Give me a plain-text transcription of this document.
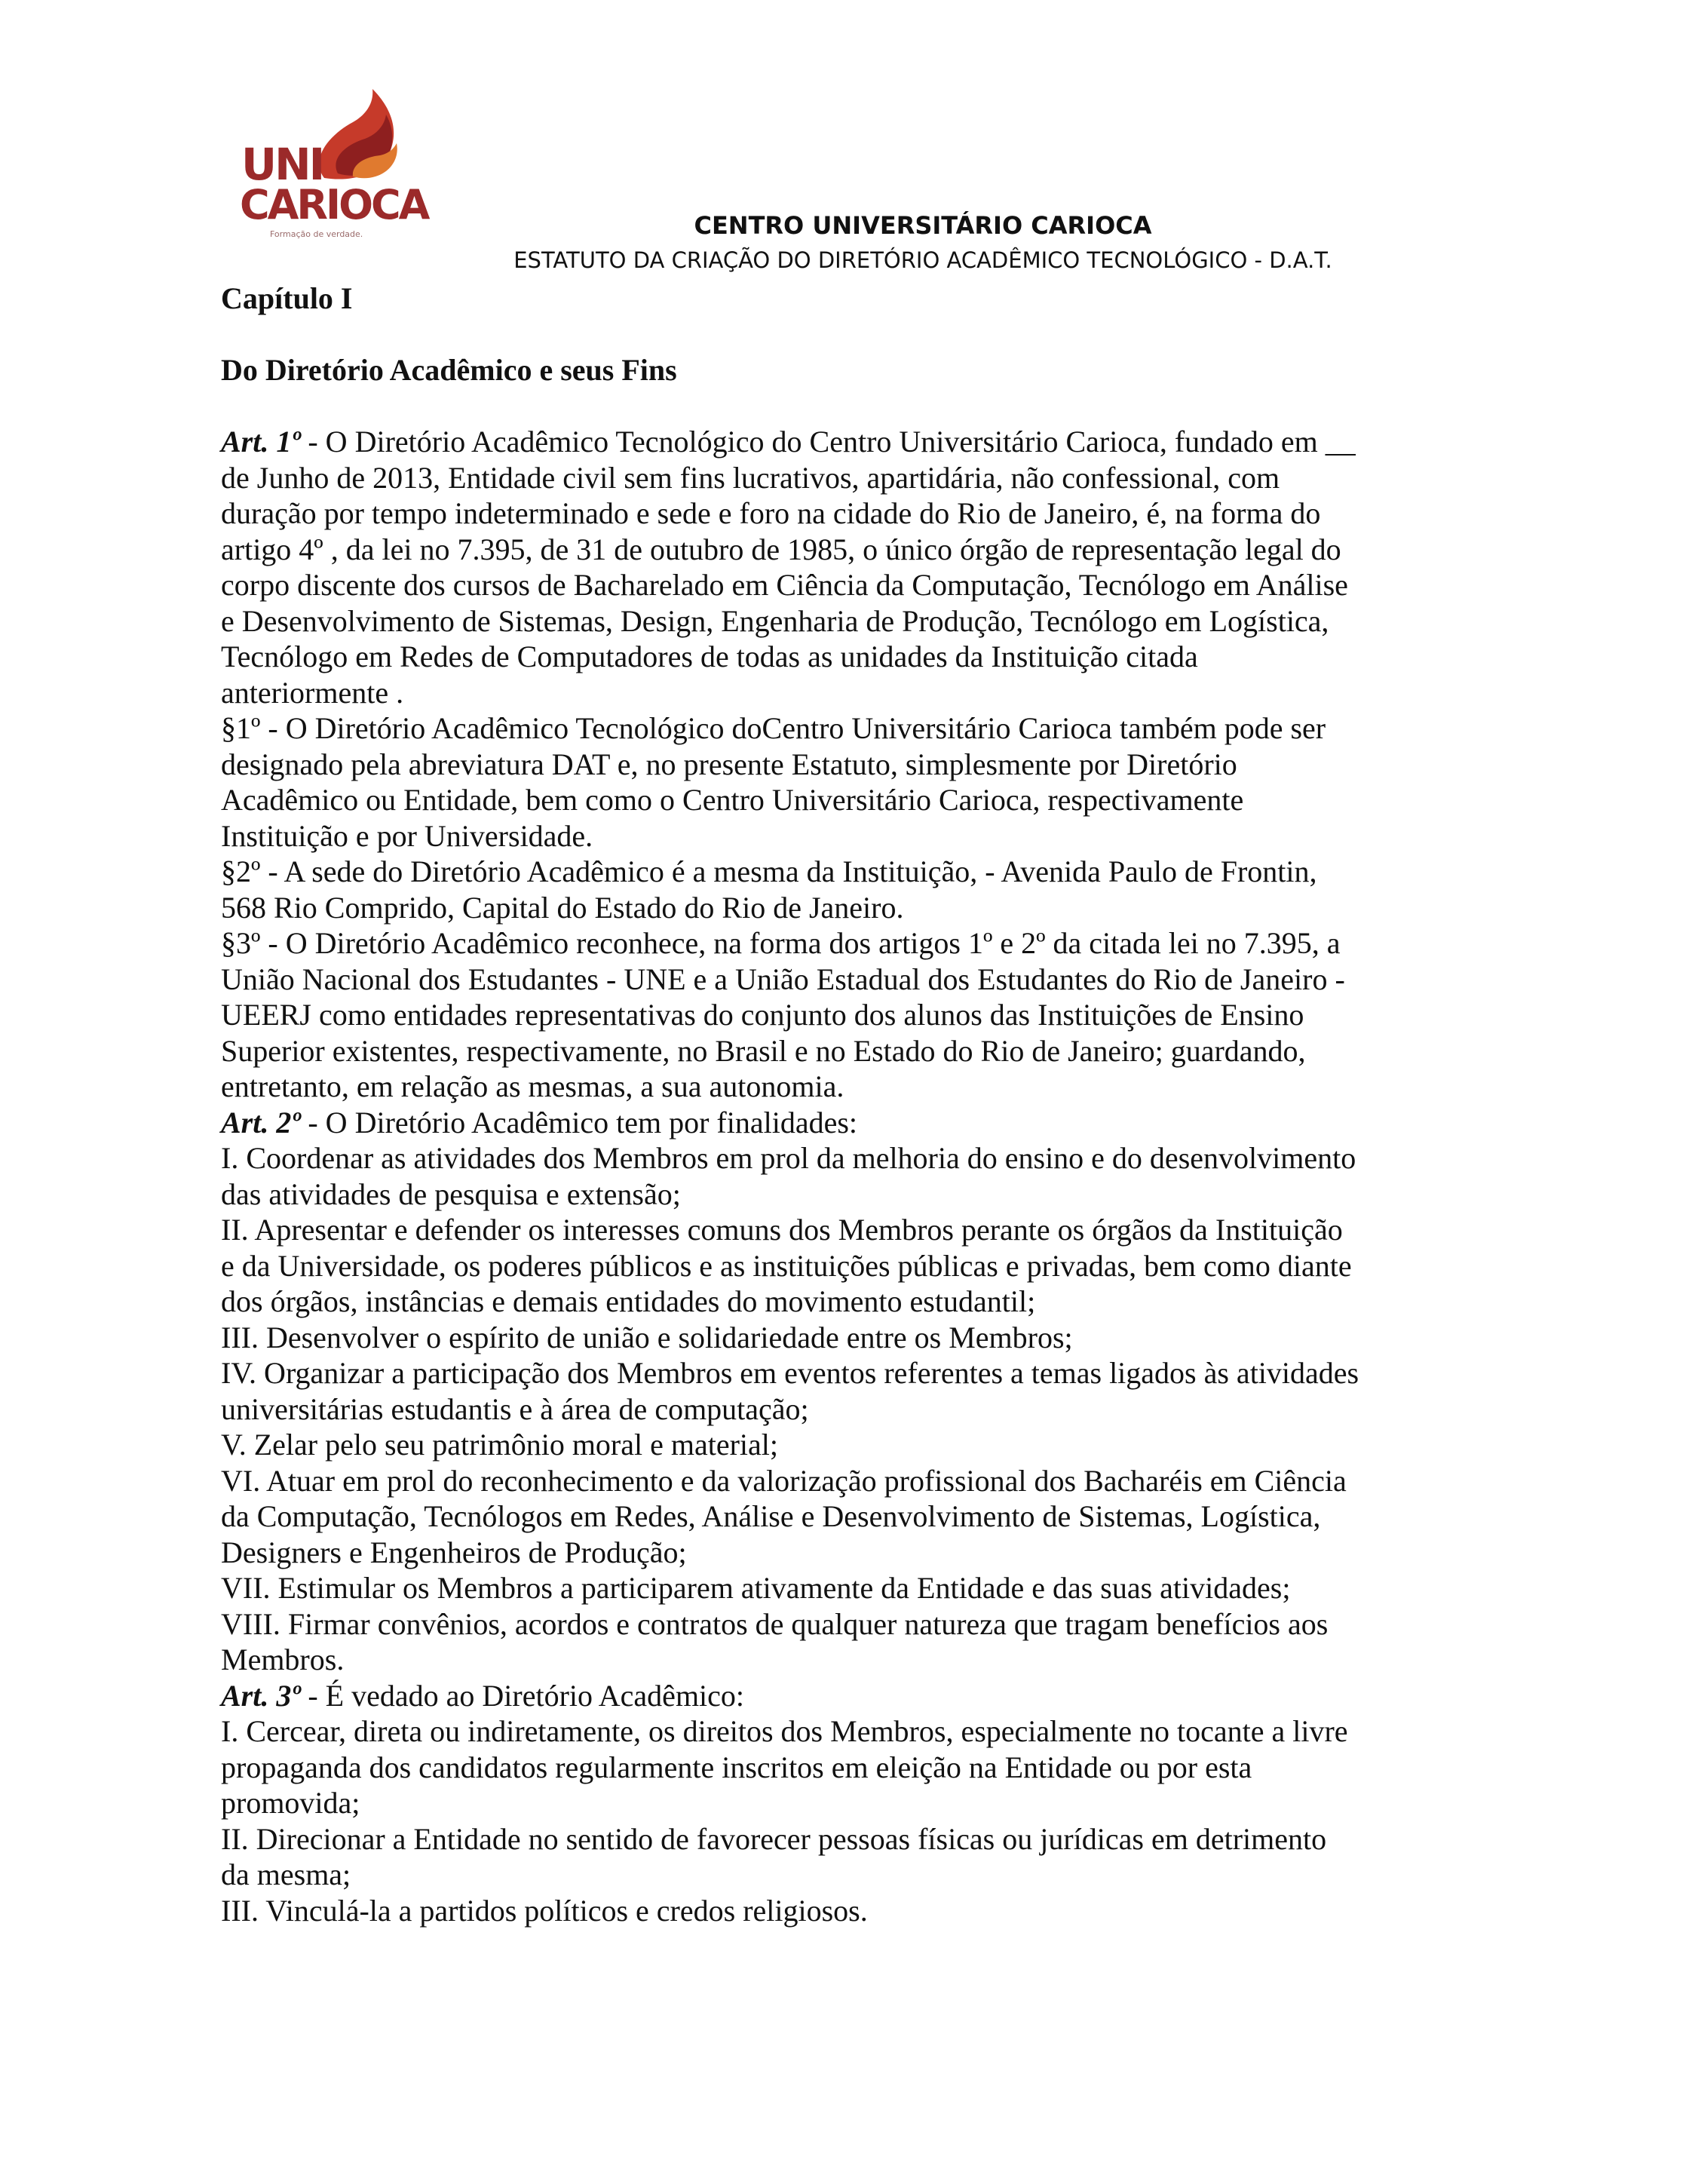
UNI
CARIOCA
Formação de verdade.	CENTRO UNIVERSITÁRIO CARIOCA
ESTATUTO DA CRIAÇÃO DO DIRETÓRIO ACADÊMICO TECNOLÓGICO - D.A.T.

Capítulo I

Do Diretório Acadêmico e seus Fins

Art. 1º - O Diretório Acadêmico Tecnológico do Centro Universitário Carioca, fundado em __ de Junho de 2013, Entidade civil sem fins lucrativos, apartidária, não confessional, com duração por tempo indeterminado e sede e foro na cidade do Rio de Janeiro, é, na forma do artigo 4º , da lei no 7.395, de 31 de outubro de 1985, o único órgão de representação legal do corpo discente dos cursos de Bacharelado em Ciência da Computação, Tecnólogo em Análise e Desenvolvimento de Sistemas, Design, Engenharia de Produção, Tecnólogo em Logística, Tecnólogo em Redes de Computadores de todas as unidades da Instituição citada anteriormente .

§1º - O Diretório Acadêmico Tecnológico doCentro Universitário Carioca também pode ser designado pela abreviatura DAT e, no presente Estatuto, simplesmente por Diretório Acadêmico ou Entidade, bem como o Centro Universitário Carioca, respectivamente Instituição e por Universidade.

§2º - A sede do Diretório Acadêmico é a mesma da Instituição, - Avenida Paulo de Frontin, 568 Rio Comprido, Capital do Estado do Rio de Janeiro.

§3º - O Diretório Acadêmico reconhece, na forma dos artigos 1º e 2º da citada lei no 7.395, a União Nacional dos Estudantes - UNE e a União Estadual dos Estudantes do Rio de Janeiro - UEERJ como entidades representativas do conjunto dos alunos das Instituições de Ensino Superior existentes, respectivamente, no Brasil e no Estado do Rio de Janeiro; guardando, entretanto, em relação as mesmas, a sua autonomia.

Art. 2º - O Diretório Acadêmico tem por finalidades:

I. Coordenar as atividades dos Membros em prol da melhoria do ensino e do desenvolvimento das atividades de pesquisa e extensão;

II. Apresentar e defender os interesses comuns dos Membros perante os órgãos da Instituição e da Universidade, os poderes públicos e as instituições públicas e privadas, bem como diante dos órgãos, instâncias e demais entidades do movimento estudantil;

III. Desenvolver o espírito de união e solidariedade entre os Membros;

IV. Organizar a participação dos Membros em eventos referentes a temas ligados às atividades universitárias estudantis e à área de computação;

V. Zelar pelo seu patrimônio moral e material;

VI. Atuar em prol do reconhecimento e da valorização profissional dos Bacharéis em Ciência da Computação, Tecnólogos em Redes, Análise e Desenvolvimento de Sistemas, Logística, Designers e Engenheiros de Produção;

VII. Estimular os Membros a participarem ativamente da Entidade e das suas atividades;

VIII. Firmar convênios, acordos e contratos de qualquer natureza que tragam benefícios aos Membros.

Art. 3º - É vedado ao Diretório Acadêmico:

I. Cercear, direta ou indiretamente, os direitos dos Membros, especialmente no tocante a livre propaganda dos candidatos regularmente inscritos em eleição na Entidade ou por esta promovida;

II. Direcionar a Entidade no sentido de favorecer pessoas físicas ou jurídicas em detrimento da mesma;

III. Vinculá-la a partidos políticos e credos religiosos.
